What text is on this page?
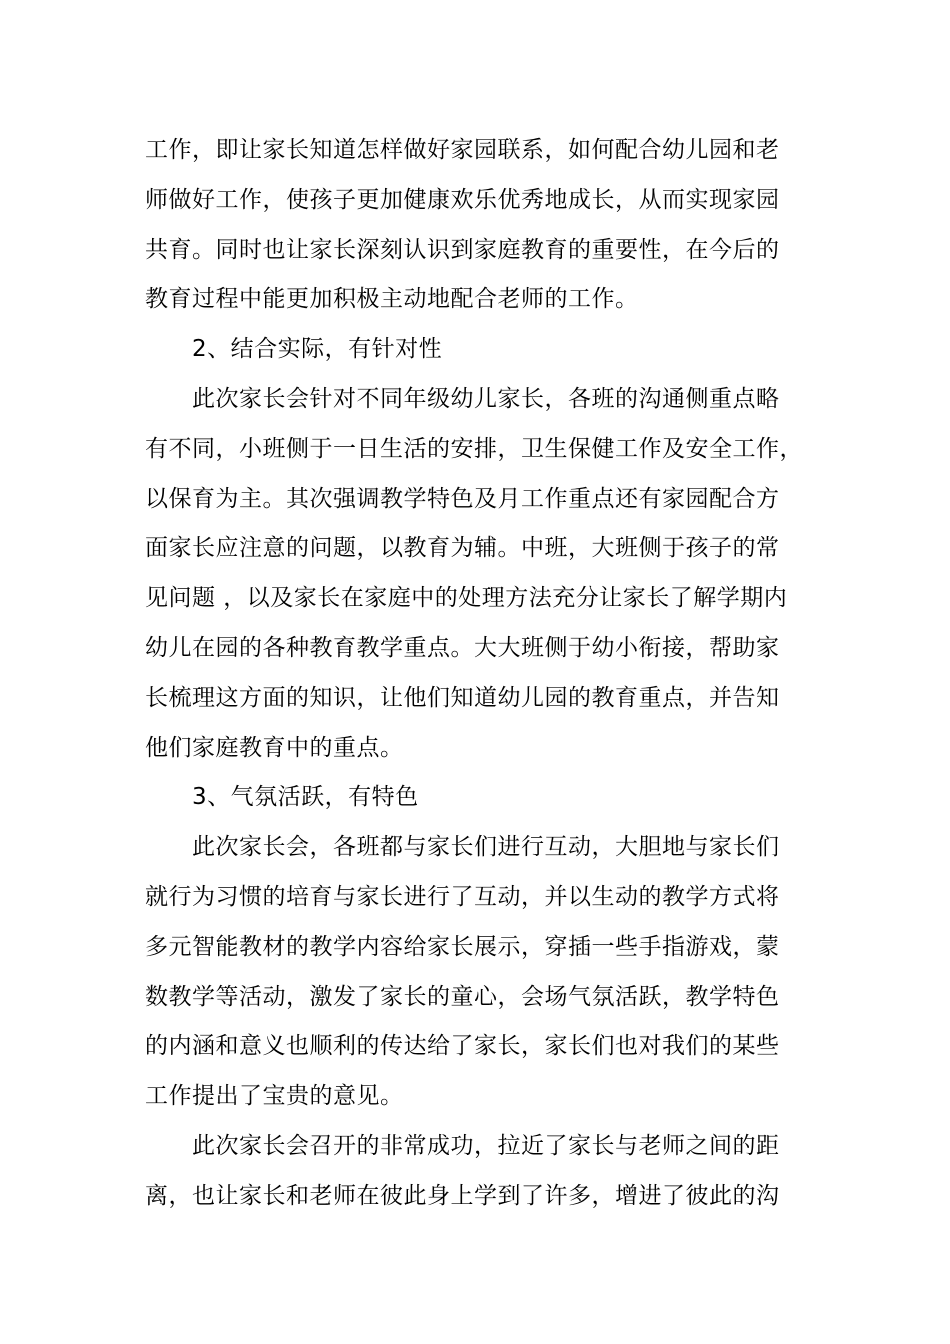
工作，即让家长知道怎样做好家园联系，如何配合幼儿园和老
师做好工作，使孩子更加健康欢乐优秀地成长，从而实现家园
共育。同时也让家长深刻认识到家庭教育的重要性，在今后的
教育过程中能更加积极主动地配合老师的工作。
2、结合实际，有针对性
此次家长会针对不同年级幼儿家长，各班的沟通侧重点略
有不同，小班侧于一日生活的安排，卫生保健工作及安全工作，
以保育为主。其次强调教学特色及月工作重点还有家园配合方
面家长应注意的问题，以教育为辅。中班，大班侧于孩子的常
见问题 ，以及家长在家庭中的处理方法充分让家长了解学期内
幼儿在园的各种教育教学重点。大大班侧于幼小衔接，帮助家
长梳理这方面的知识，让他们知道幼儿园的教育重点，并告知
他们家庭教育中的重点。
3、气氛活跃，有特色
此次家长会，各班都与家长们进行互动，大胆地与家长们
就行为习惯的培育与家长进行了互动，并以生动的教学方式将
多元智能教材的教学内容给家长展示，穿插一些手指游戏，蒙
数教学等活动，激发了家长的童心，会场气氛活跃，教学特色
的内涵和意义也顺利的传达给了家长，家长们也对我们的某些
工作提出了宝贵的意见。
此次家长会召开的非常成功，拉近了家长与老师之间的距
离，也让家长和老师在彼此身上学到了许多，增进了彼此的沟
